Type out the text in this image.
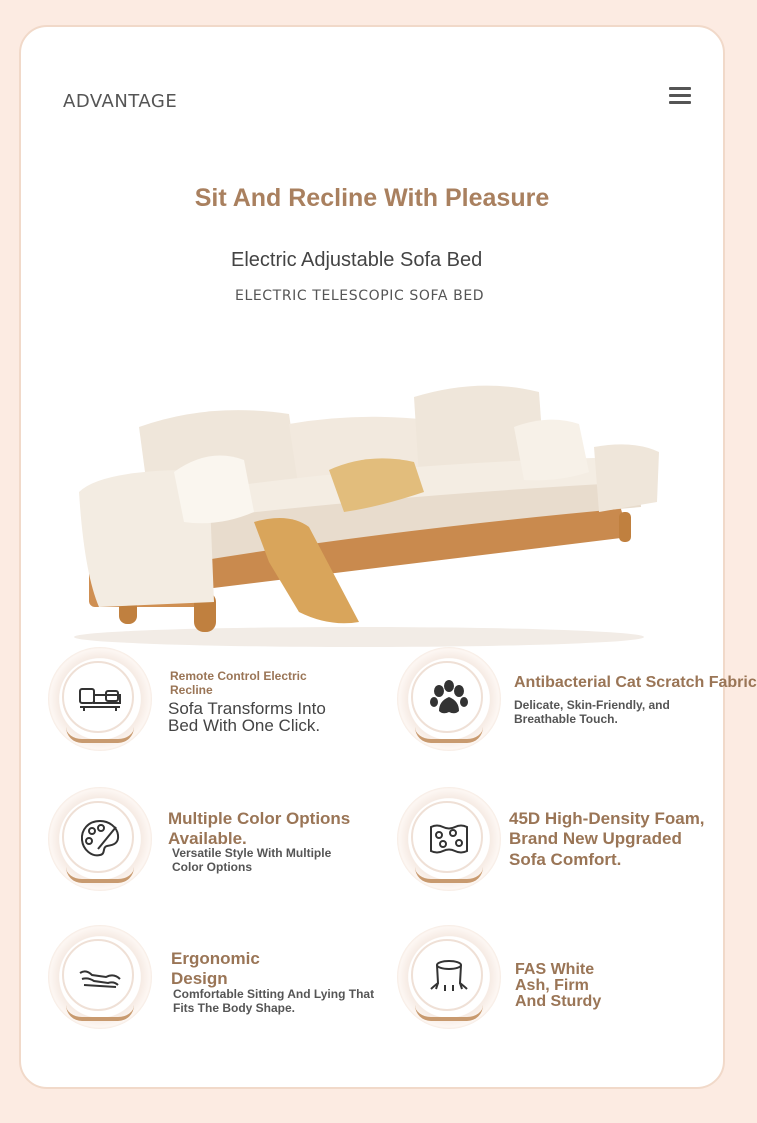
ADVANTAGE
Sit And Recline With Pleasure
Electric Adjustable Sofa Bed
ELECTRIC TELESCOPIC SOFA BED
Remote Control Electric Recline
Sofa Transforms Into Bed With One Click.
Antibacterial Cat Scratch Fabric
Delicate, Skin-Friendly, and Breathable Touch.
Multiple Color Options Available.
Versatile Style With Multiple Color Options
45D High-Density Foam, Brand New Upgraded Sofa Comfort.
Ergonomic Design
Comfortable Sitting And Lying That Fits The Body Shape.
FAS White Ash, Firm And Sturdy
